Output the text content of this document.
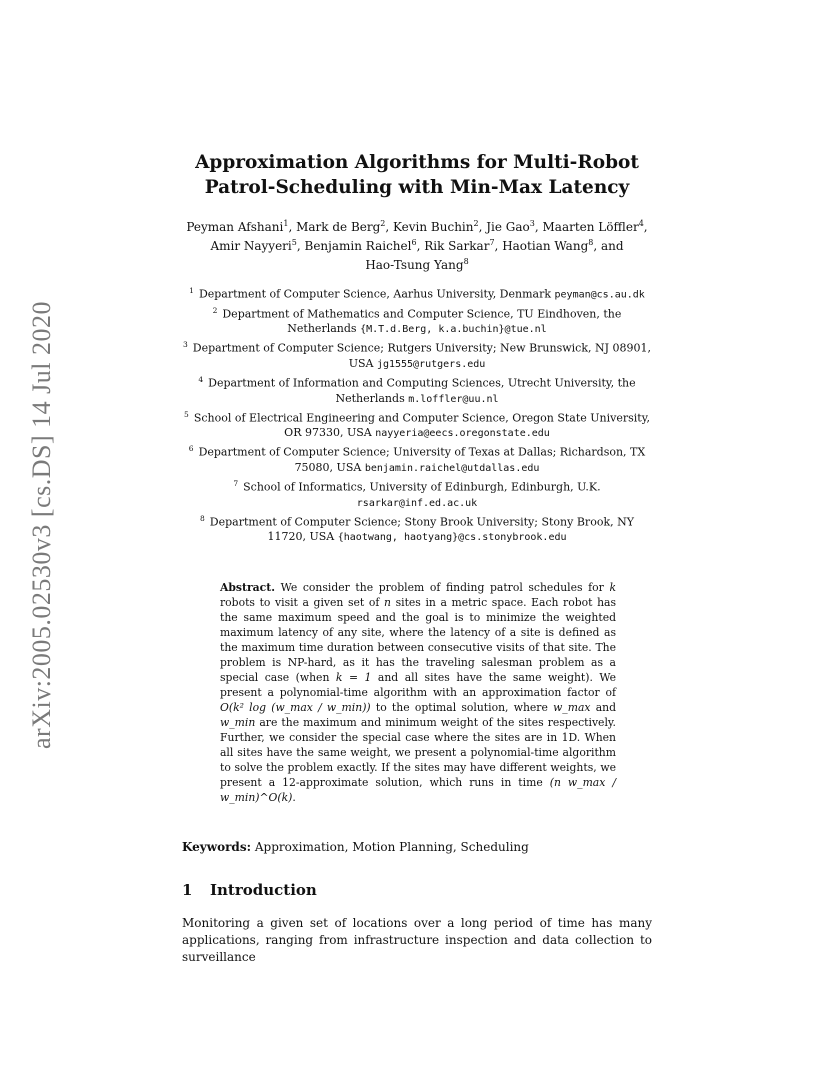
arXiv:2005.02530v3 [cs.DS] 14 Jul 2020
Approximation Algorithms for Multi-Robot
Patrol-Scheduling with Min-Max Latency
Peyman Afshani$^1$, Mark de Berg$^2$, Kevin Buchin$^2$, Jie Gao$^3$, Maarten Löffler$^4$,
Amir Nayyeri$^5$, Benjamin Raichel$^6$, Rik Sarkar$^7$, Haotian Wang$^8$, and
Hao-Tsung Yang$^8$

$^1$ Department of Computer Science, Aarhus University, Denmark peyman@cs.au.dk

$^2$ Department of Mathematics and Computer Science, TU Eindhoven, the Netherlands {M.T.d.Berg, k.a.buchin}@tue.nl

$^3$ Department of Computer Science; Rutgers University; New Brunswick, NJ 08901, USA jg1555@rutgers.edu

$^4$ Department of Information and Computing Sciences, Utrecht University, the Netherlands m.loffler@uu.nl

$^5$ School of Electrical Engineering and Computer Science, Oregon State University, OR 97330, USA nayyeria@eecs.oregonstate.edu

$^6$ Department of Computer Science; University of Texas at Dallas; Richardson, TX 75080, USA benjamin.raichel@utdallas.edu

$^7$ School of Informatics, University of Edinburgh, Edinburgh, U.K. rsarkar@inf.ed.ac.uk

$^8$ Department of Computer Science; Stony Brook University; Stony Brook, NY 11720, USA {haotwang, haotyang}@cs.stonybrook.edu

Abstract. We consider the problem of finding patrol schedules for k robots to visit a given set of n sites in a metric space. Each robot has the same maximum speed and the goal is to minimize the weighted maximum latency of any site, where the latency of a site is defined as the maximum time duration between consecutive visits of that site. The problem is NP-hard, as it has the traveling salesman problem as a special case (when k = 1 and all sites have the same weight). We present a polynomial-time algorithm with an approximation factor of O(k² log (w_max / w_min)) to the optimal solution, where w_max and w_min are the maximum and minimum weight of the sites respectively. Further, we consider the special case where the sites are in 1D. When all sites have the same weight, we present a polynomial-time algorithm to solve the problem exactly. If the sites may have different weights, we present a 12-approximate solution, which runs in time (n w_max / w_min)^O(k).
Keywords: Approximation, Motion Planning, Scheduling
1 Introduction
Monitoring a given set of locations over a long period of time has many applications, ranging from infrastructure inspection and data collection to surveillance
